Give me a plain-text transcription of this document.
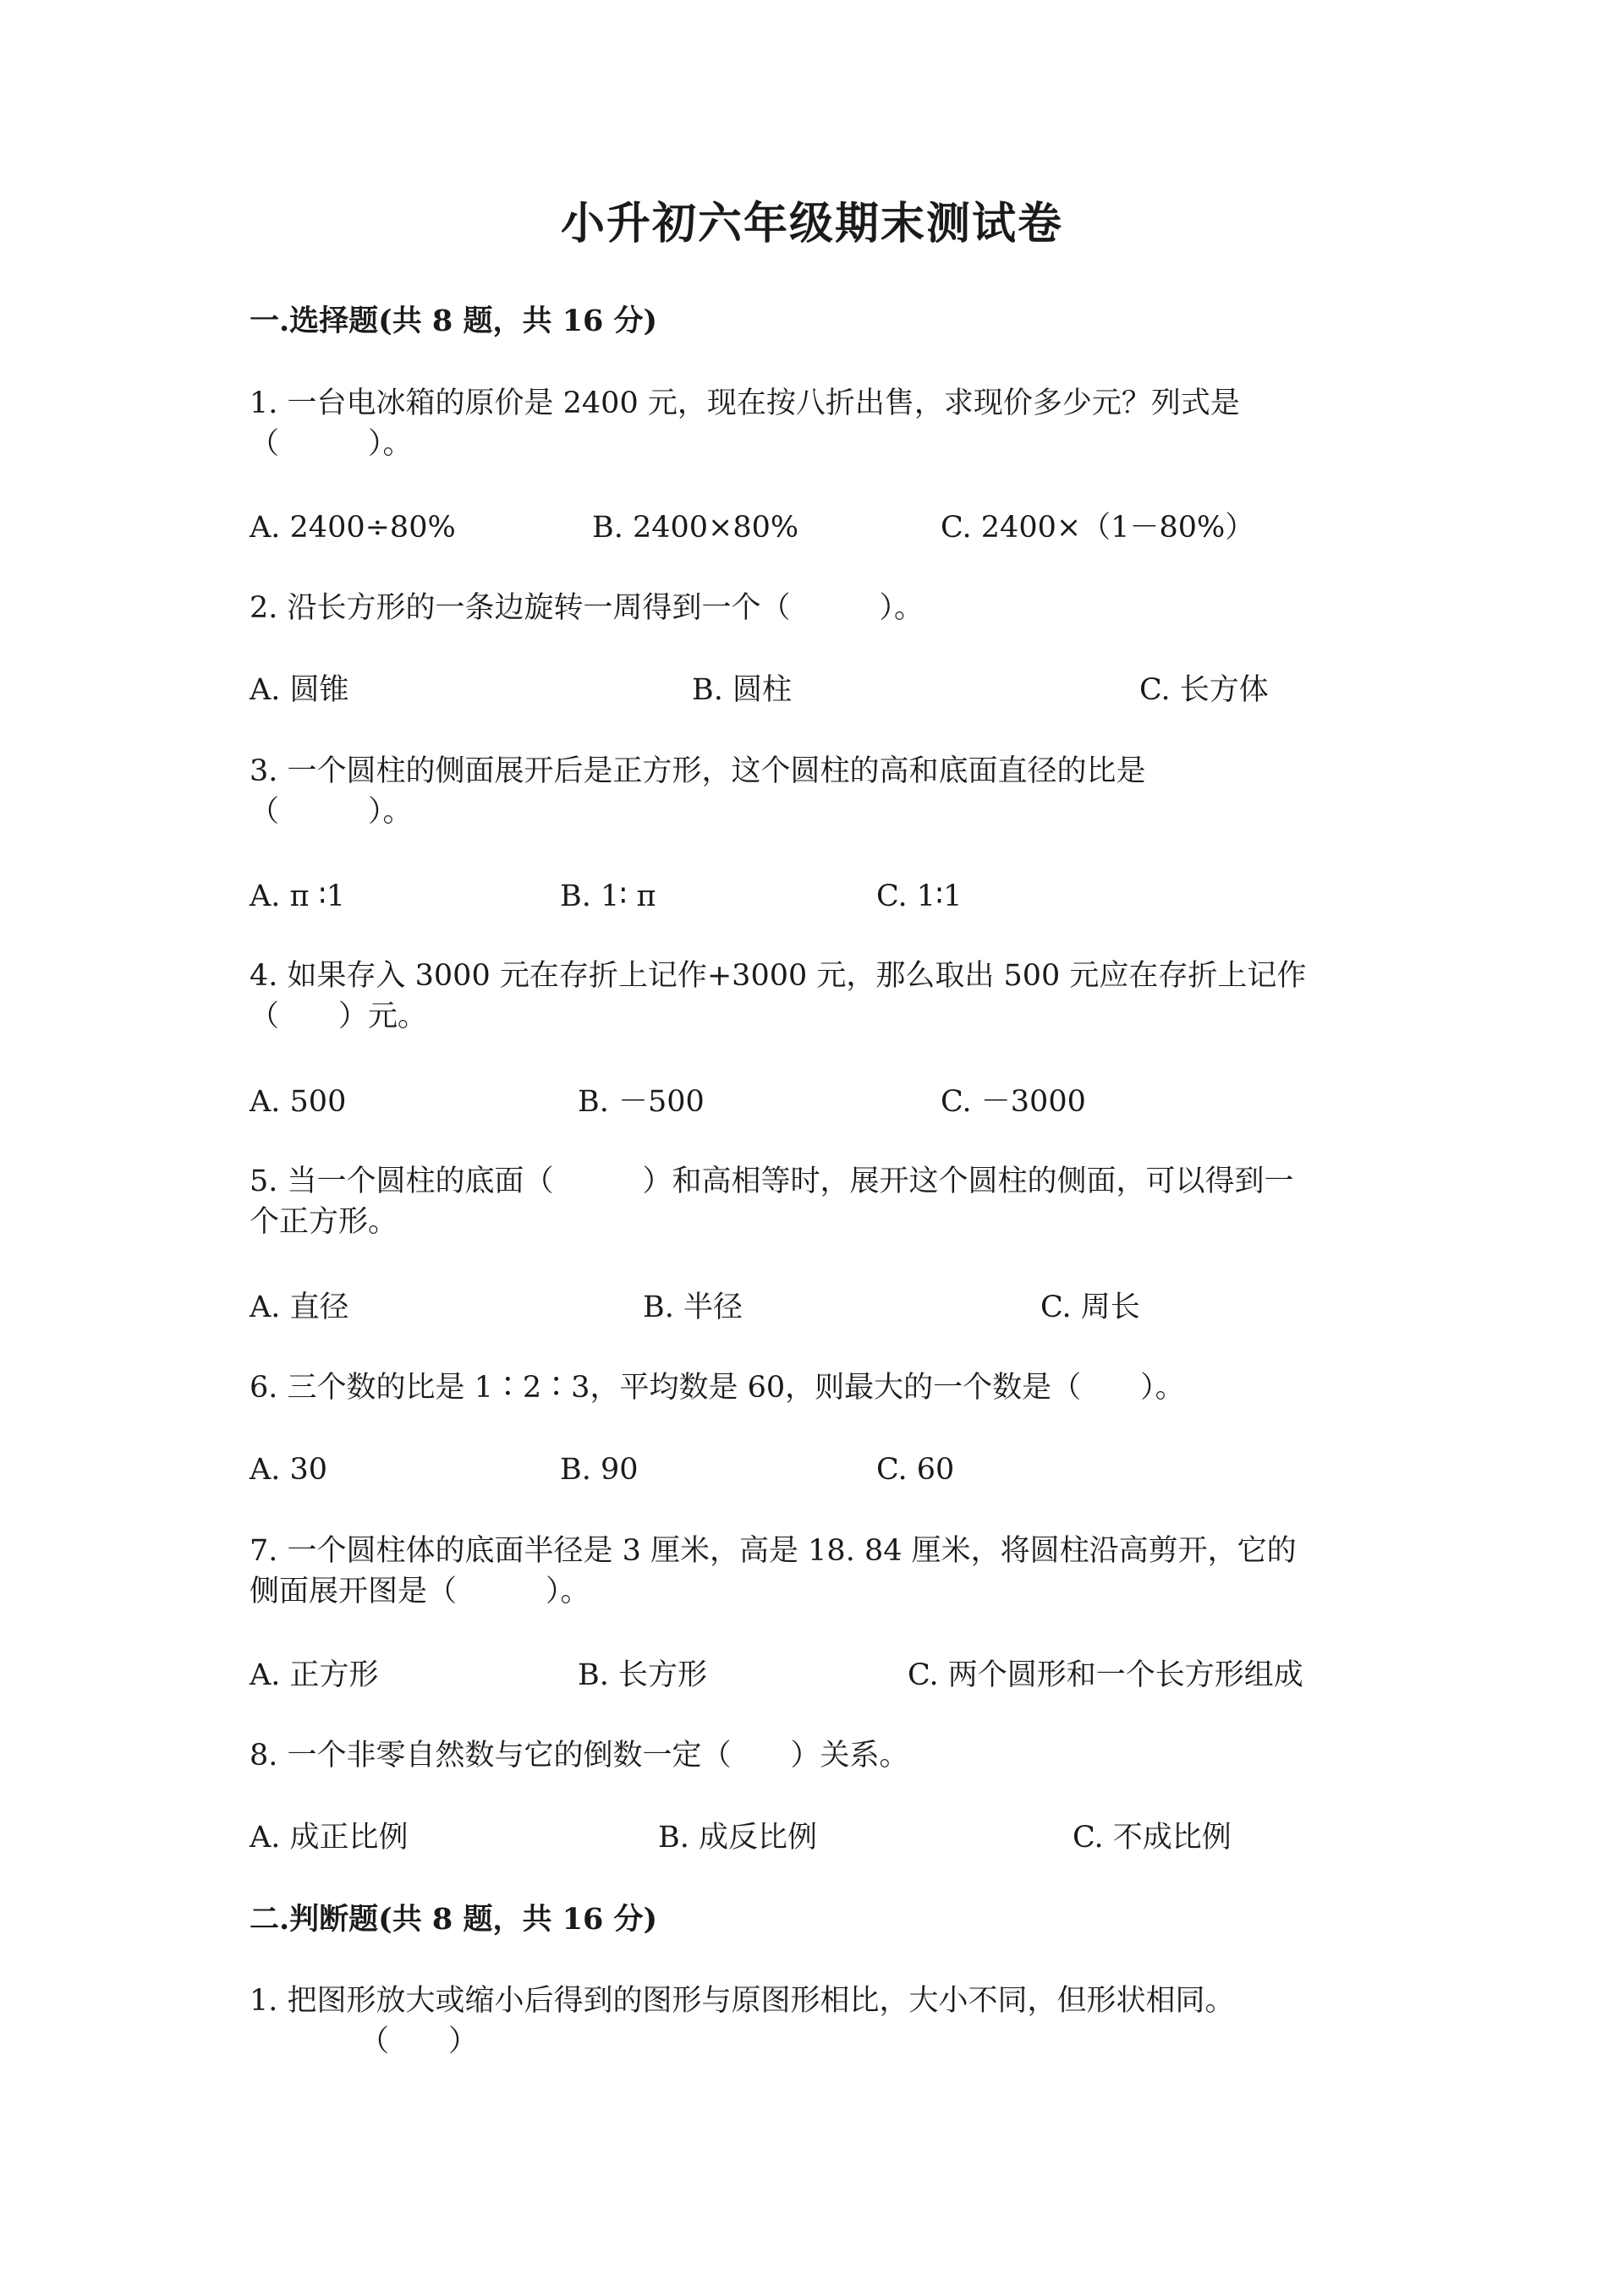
小升初六年级期末测试卷
一.选择题(共 8 题，共 16 分)
1. 一台电冰箱的原价是 2400 元，现在按八折出售，求现价多少元？列式是
（　　　）。
A. 2400÷80%	B. 2400×80%	C. 2400×（1－80%）
2. 沿长方形的一条边旋转一周得到一个（　　　）。
A. 圆锥	B. 圆柱	C. 长方体
3. 一个圆柱的侧面展开后是正方形，这个圆柱的高和底面直径的比是
（　　　）。
A. π ∶1	B. 1∶ π	C. 1∶1
4. 如果存入 3000 元在存折上记作+3000 元，那么取出 500 元应在存折上记作
（　　）元。
A. 500	B. －500	C. －3000
5. 当一个圆柱的底面（　　　）和高相等时，展开这个圆柱的侧面，可以得到一
个正方形。
A. 直径	B. 半径	C. 周长
6. 三个数的比是 1∶2∶3，平均数是 60，则最大的一个数是（　　）。
A. 30	B. 90	C. 60
7. 一个圆柱体的底面半径是 3 厘米，高是 18. 84 厘米，将圆柱沿高剪开，它的
侧面展开图是（　　　）。
A. 正方形	B. 长方形	C. 两个圆形和一个长方形组成
8. 一个非零自然数与它的倒数一定（　　）关系。
A. 成正比例	B. 成反比例	C. 不成比例
二.判断题(共 8 题，共 16 分)
1. 把图形放大或缩小后得到的图形与原图形相比，大小不同，但形状相同。
（　　）
